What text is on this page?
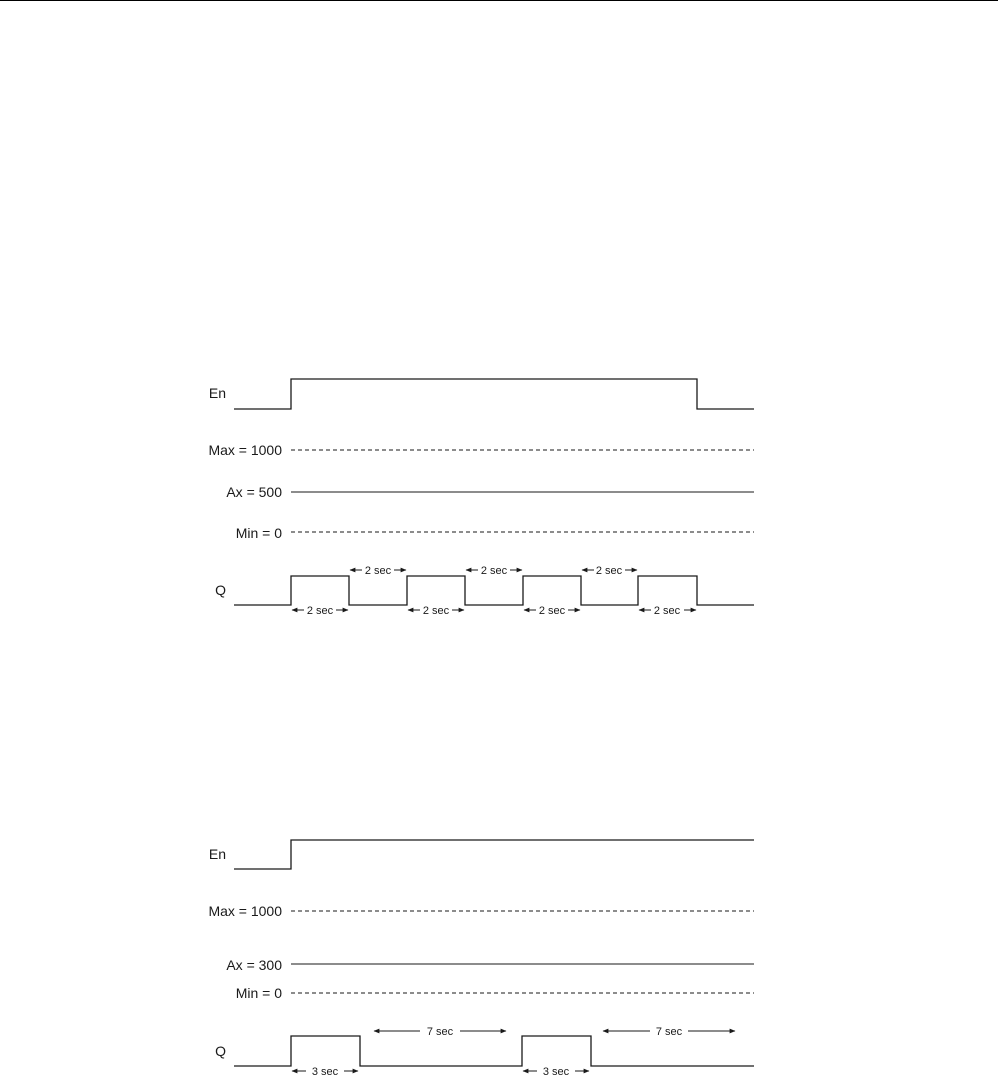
En
Max = 1000
Ax = 500
Min = 0
Q
2 sec	2 sec	2 sec	2 sec
2 sec	2 sec	2 sec
En
Max = 1000
Ax = 300
Min = 0
Q
3 sec	3 sec
7 sec	7 sec
